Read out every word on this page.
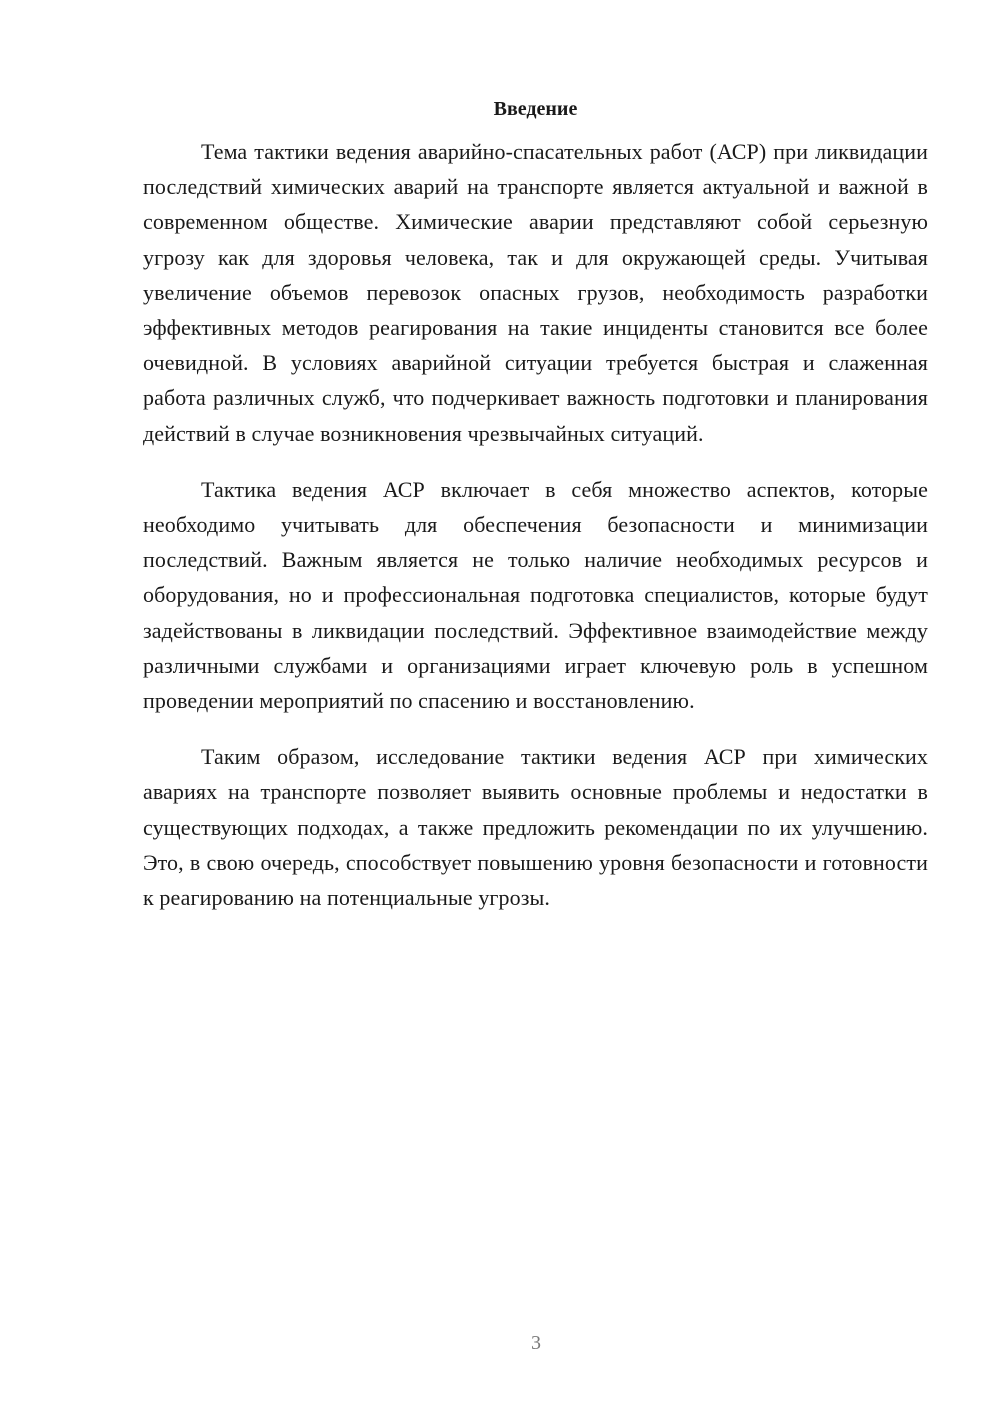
Введение

Тема тактики ведения аварийно-спасательных работ (АСР) при ликвидации последствий химических аварий на транспорте является актуальной и важной в современном обществе. Химические аварии представляют собой серьезную угрозу как для здоровья человека, так и для окружающей среды. Учитывая увеличение объемов перевозок опасных грузов, необходимость разработки эффективных методов реагирования на такие инциденты становится все более очевидной. В условиях аварийной ситуации требуется быстрая и слаженная работа различных служб, что подчеркивает важность подготовки и планирования действий в случае возникновения чрезвычайных ситуаций.

Тактика ведения АСР включает в себя множество аспектов, которые необходимо учитывать для обеспечения безопасности и минимизации последствий. Важным является не только наличие необходимых ресурсов и оборудования, но и профессиональная подготовка специалистов, которые будут задействованы в ликвидации последствий. Эффективное взаимодействие между различными службами и организациями играет ключевую роль в успешном проведении мероприятий по спасению и восстановлению.

Таким образом, исследование тактики ведения АСР при химических авариях на транспорте позволяет выявить основные проблемы и недостатки в существующих подходах, а также предложить рекомендации по их улучшению. Это, в свою очередь, способствует повышению уровня безопасности и готовности к реагированию на потенциальные угрозы.

3
